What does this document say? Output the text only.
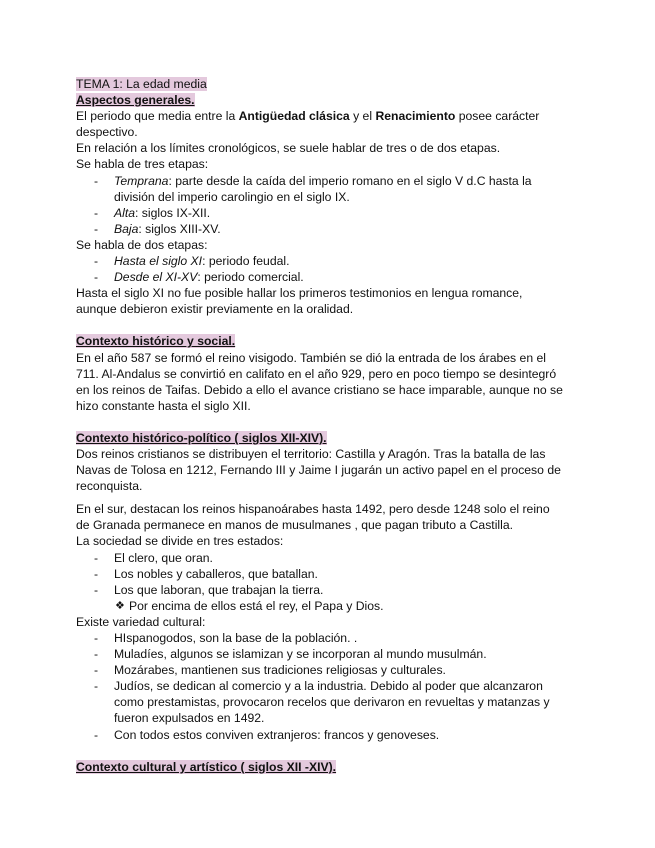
TEMA 1: La edad media
Aspectos generales.
El periodo que media entre la Antigüedad clásica y el Renacimiento posee carácter despectivo.
En relación a los límites cronológicos, se suele hablar de tres o de dos etapas.
Se habla de tres etapas:
- Temprana: parte desde la caída del imperio romano en el siglo V d.C hasta la división del imperio carolingio en el siglo IX.
- Alta: siglos IX-XII.
- Baja: siglos XIII-XV.
Se habla de dos etapas:
- Hasta el siglo XI: periodo feudal.
- Desde el XI-XV: periodo comercial.
Hasta el siglo XI no fue posible hallar los primeros testimonios en lengua romance, aunque debieron existir previamente en la oralidad.
Contexto histórico y social.
En el año 587 se formó el reino visigodo. También se dió la entrada de los árabes en el 711. Al-Andalus se convirtió en califato en el año 929, pero en poco tiempo se desintegró en los reinos de Taifas. Debido a ello el avance cristiano se hace imparable, aunque no se hizo constante hasta el siglo XII.
Contexto histórico-político ( siglos XII-XIV).
Dos reinos cristianos se distribuyen el territorio: Castilla y Aragón. Tras la batalla de las Navas de Tolosa en 1212, Fernando III y Jaime I jugarán un activo papel en el proceso de reconquista.
En el sur, destacan los reinos hispanoárabes hasta 1492, pero desde 1248 solo el reino de Granada permanece en manos de musulmanes , que pagan tributo a Castilla.
La sociedad se divide en tres estados:
- El clero, que oran.
- Los nobles y caballeros, que batallan.
- Los que laboran, que trabajan la tierra.
❖ Por encima de ellos está el rey, el Papa y Dios.
Existe variedad cultural:
- HIspanogodos, son la base de la población. .
- Muladíes, algunos se islamizan y se incorporan al mundo musulmán.
- Mozárabes, mantienen sus tradiciones religiosas y culturales.
- Judíos, se dedican al comercio y a la industria. Debido al poder que alcanzaron como prestamistas, provocaron recelos que derivaron en revueltas y matanzas y fueron expulsados en 1492.
- Con todos estos conviven extranjeros: francos y genoveses.
Contexto cultural y artístico ( siglos XII -XIV).
